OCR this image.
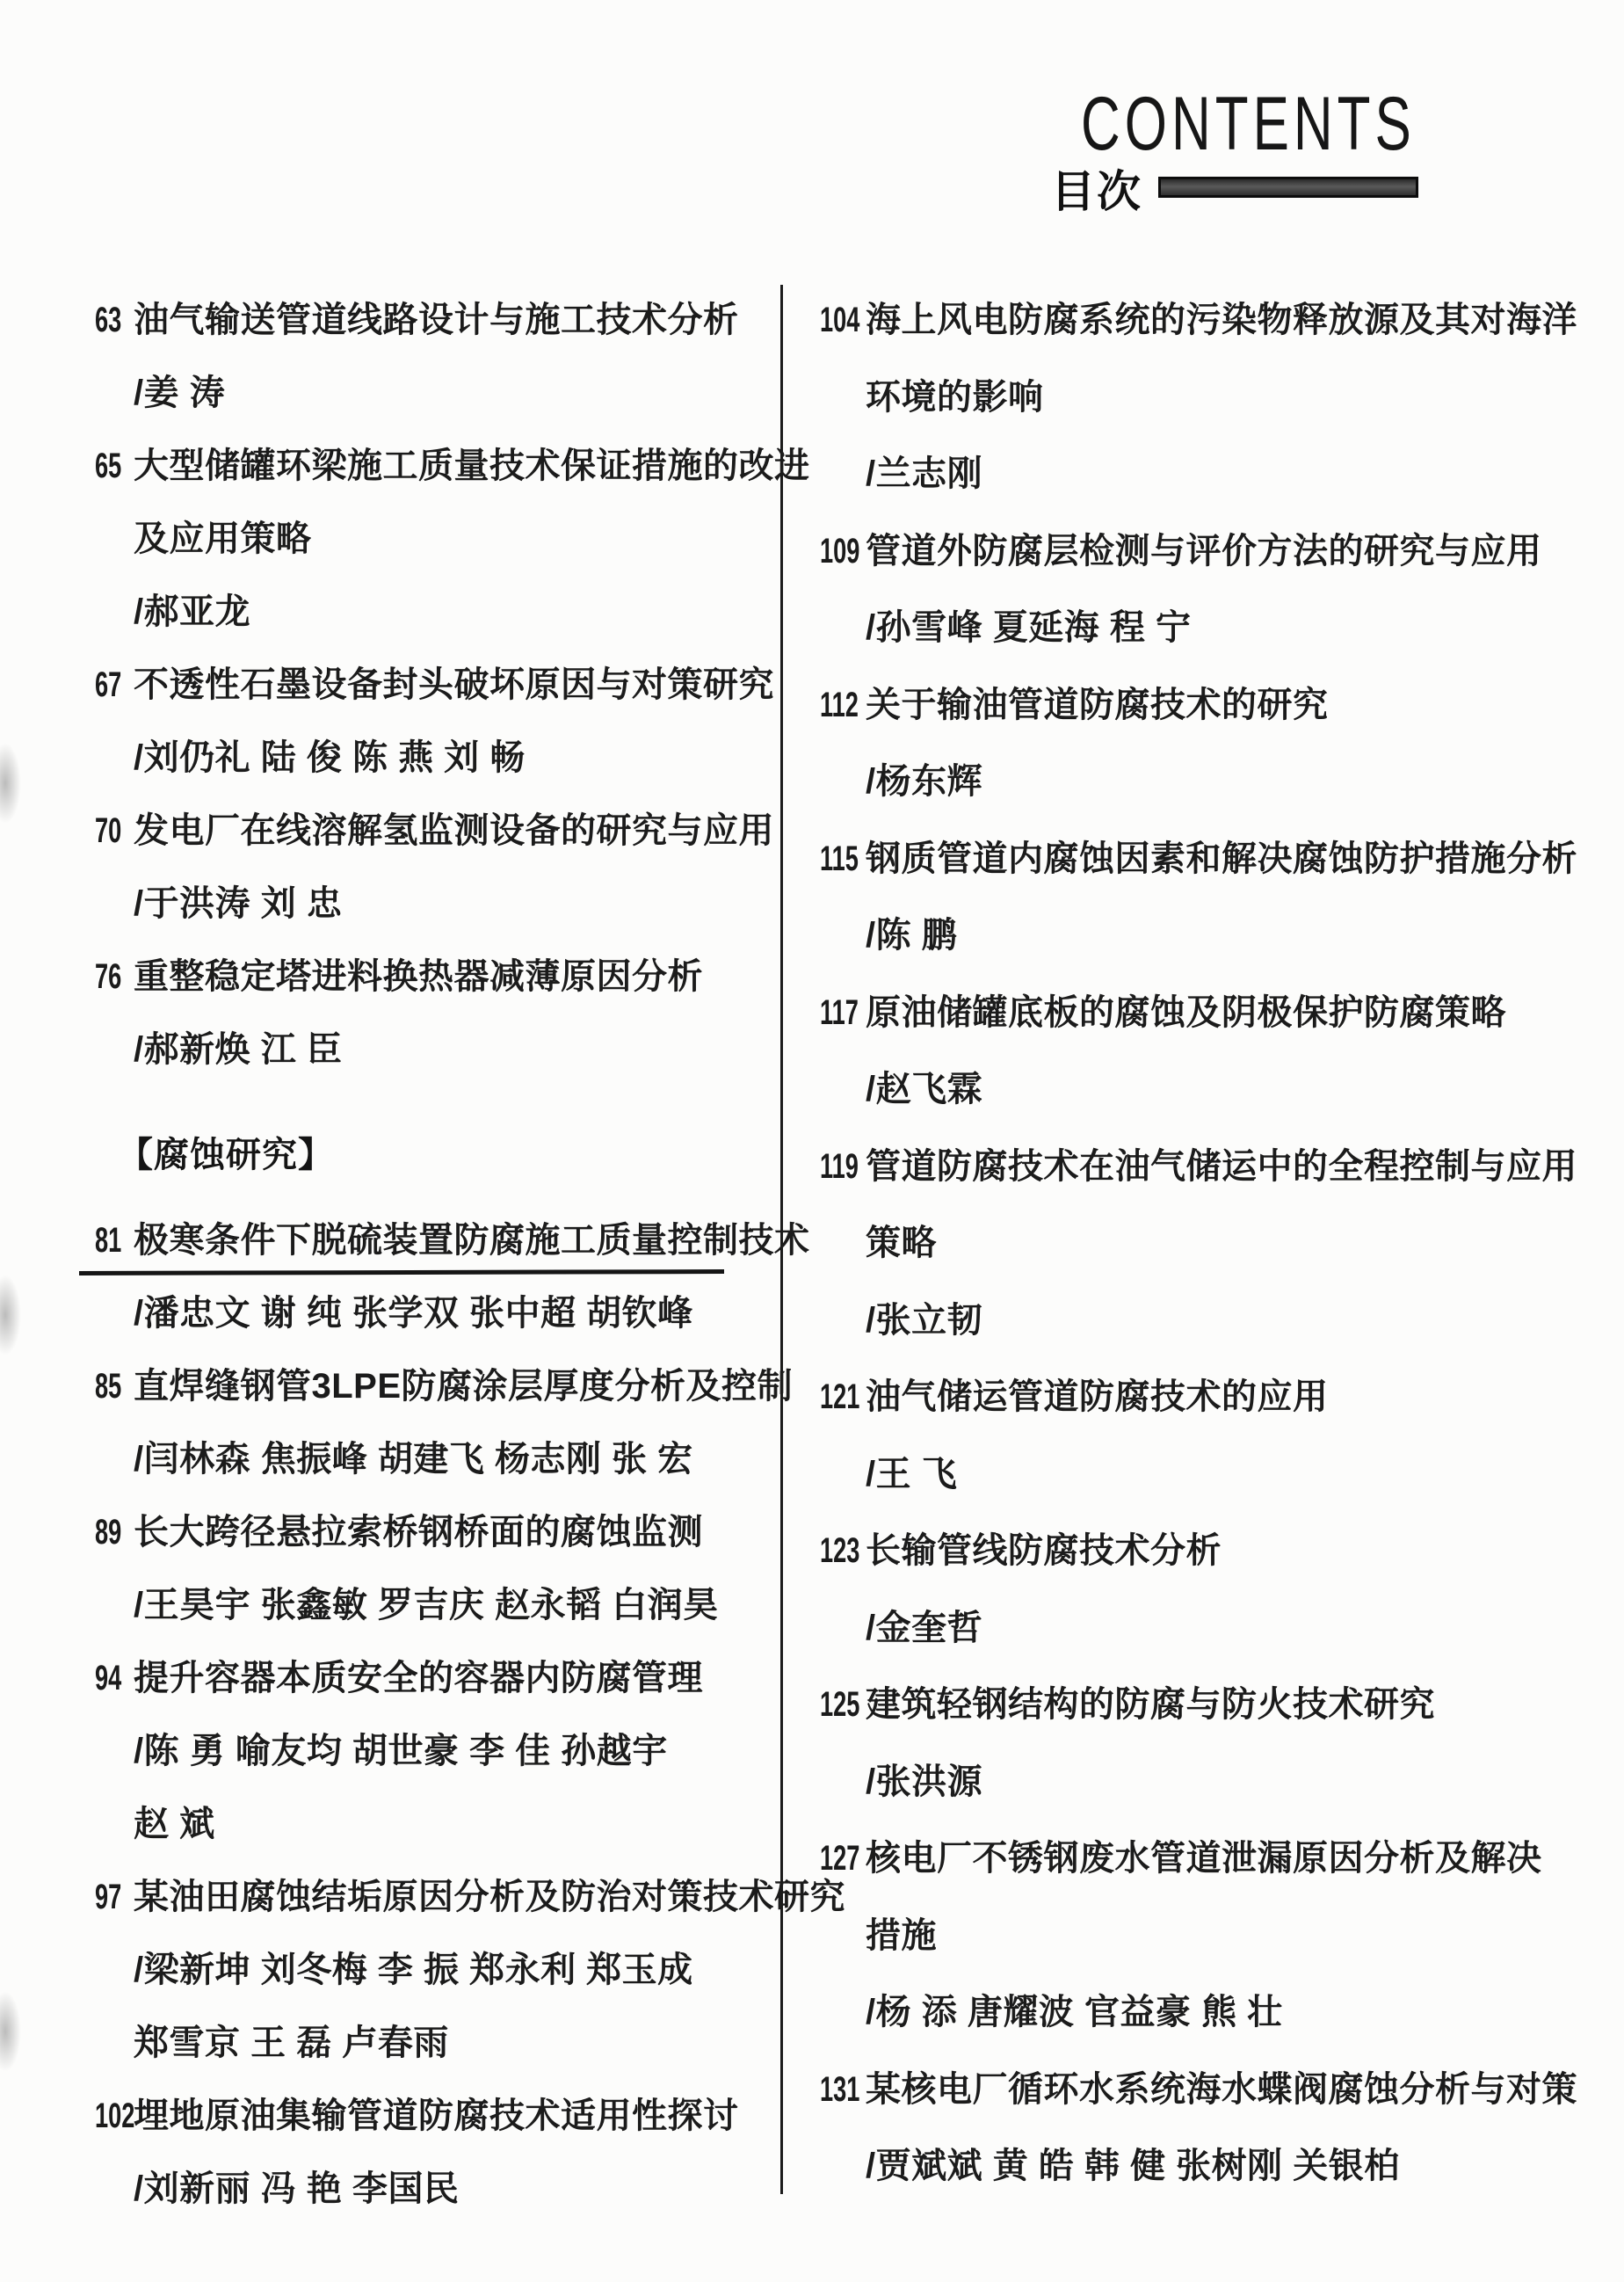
CONTENTS
目次
63 油气输送管道线路设计与施工技术分析
/姜 涛
65 大型储罐环梁施工质量技术保证措施的改进
及应用策略
/郝亚龙
67 不透性石墨设备封头破坏原因与对策研究
/刘仍礼 陆 俊 陈 燕 刘 畅
70 发电厂在线溶解氢监测设备的研究与应用
/于洪涛 刘 忠
76 重整稳定塔进料换热器减薄原因分析
/郝新焕 江 臣
【腐蚀研究】
81 极寒条件下脱硫装置防腐施工质量控制技术
/潘忠文 谢 纯 张学双 张中超 胡钦峰
85 直焊缝钢管3LPE防腐涂层厚度分析及控制
/闫林森 焦振峰 胡建飞 杨志刚 张 宏
89 长大跨径悬拉索桥钢桥面的腐蚀监测
/王昊宇 张鑫敏 罗吉庆 赵永韬 白润昊
94 提升容器本质安全的容器内防腐管理
/陈 勇 喻友均 胡世豪 李 佳 孙越宇
赵 斌
97 某油田腐蚀结垢原因分析及防治对策技术研究
/梁新坤 刘冬梅 李 振 郑永利 郑玉成
郑雪京 王 磊 卢春雨
102
埋地原油集输管道防腐技术适用性探讨
/刘新丽 冯 艳 李国民
104 海上风电防腐系统的污染物释放源及其对海洋
环境的影响
/兰志刚
109 管道外防腐层检测与评价方法的研究与应用
/孙雪峰 夏延海 程 宁
112 关于输油管道防腐技术的研究
/杨东辉
115 钢质管道内腐蚀因素和解决腐蚀防护措施分析
/陈 鹏
117 原油储罐底板的腐蚀及阴极保护防腐策略
/赵飞霖
119 管道防腐技术在油气储运中的全程控制与应用
策略
/张立韧
121 油气储运管道防腐技术的应用
/王 飞
123 长输管线防腐技术分析
/金奎哲
125 建筑轻钢结构的防腐与防火技术研究
/张洪源
127 核电厂不锈钢废水管道泄漏原因分析及解决
措施
/杨 添 唐耀波 官益豪 熊 壮
131 某核电厂循环水系统海水蝶阀腐蚀分析与对策
/贾斌斌 黄 皓 韩 健 张树刚 关银柏
